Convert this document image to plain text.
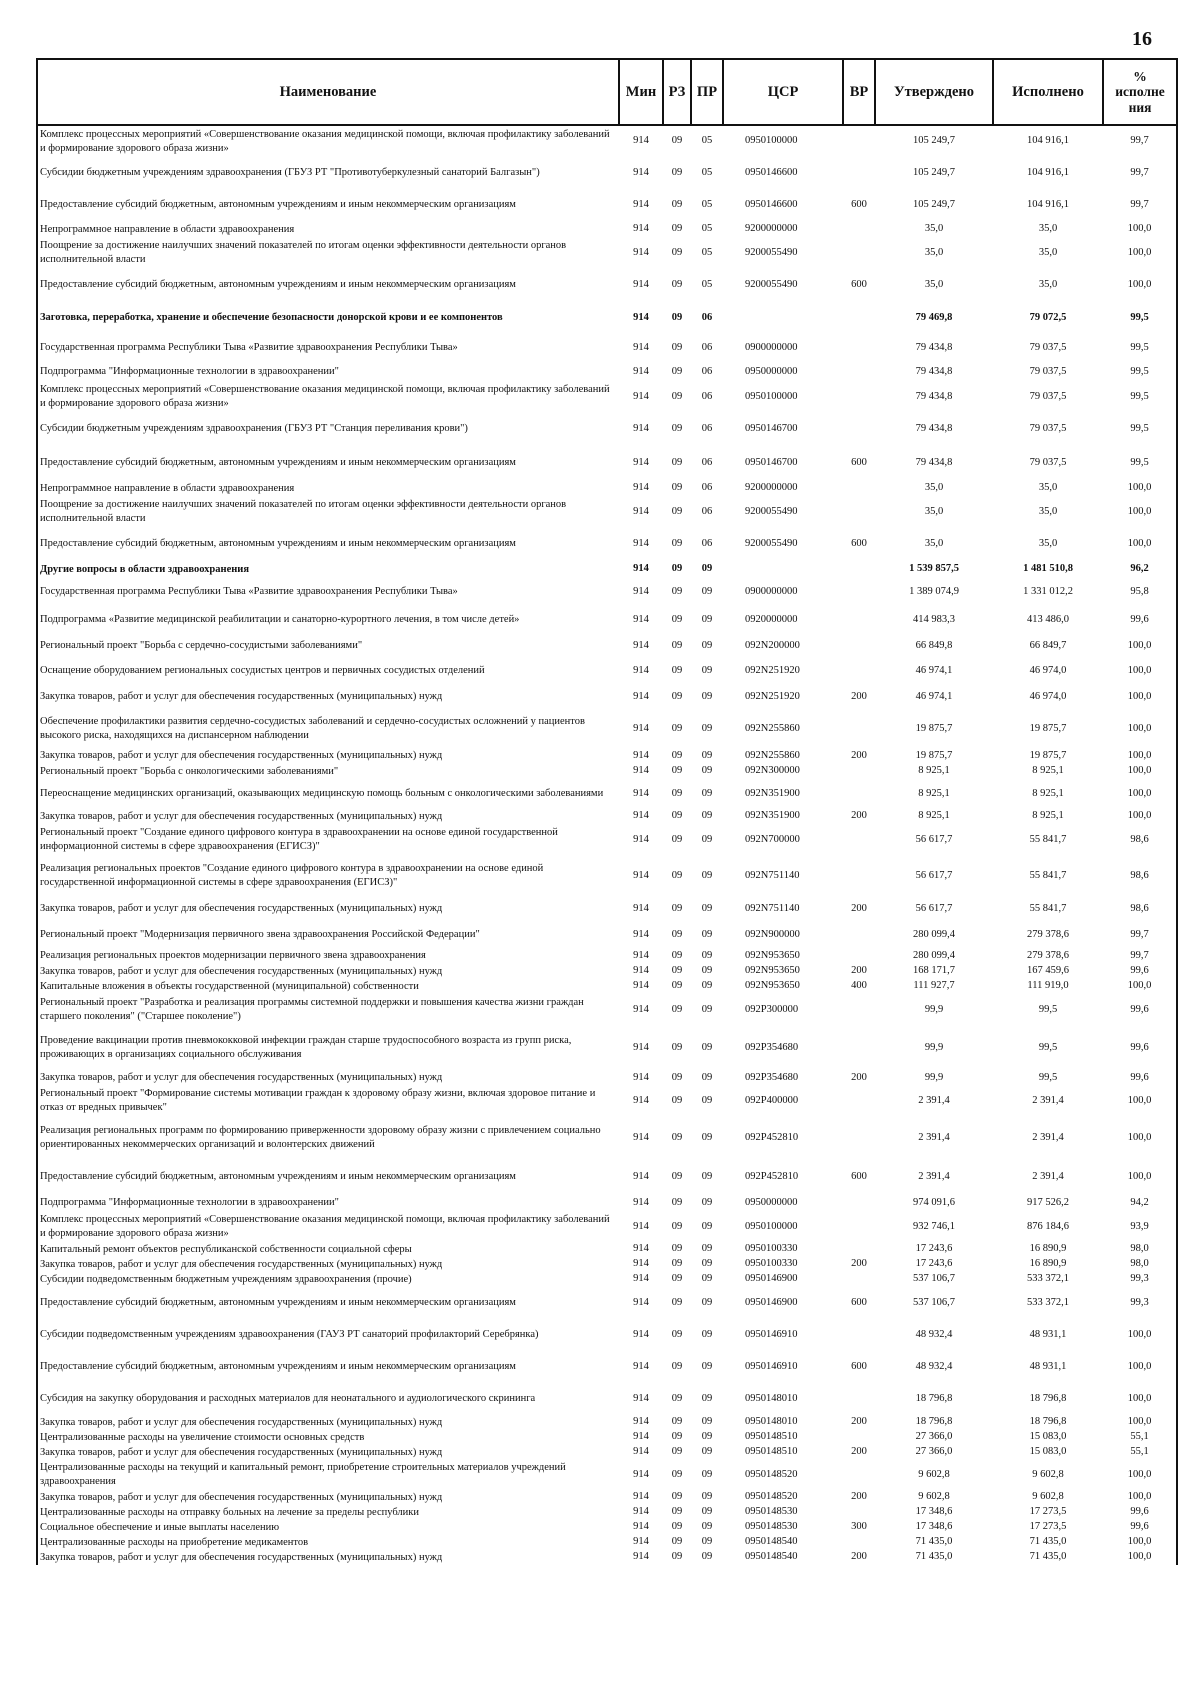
16
Наименование	Мин	РЗ	ПР	ЦСР	ВР	Утверждено	Исполнено	%
исполне
ния
Комплекс процессных мероприятий «Совершенствование оказания медицинской помощи, включая профилактику заболеваний и формирование здорового образа жизни»	914	09	05	0950100000		105 249,7	104 916,1	99,7
Субсидии бюджетным учреждениям здравоохранения (ГБУЗ РТ "Противотуберкулезный санаторий Балгазын")	914	09	05	0950146600		105 249,7	104 916,1	99,7
Предоставление субсидий бюджетным, автономным учреждениям и иным некоммерческим организациям	914	09	05	0950146600	600	105 249,7	104 916,1	99,7
Непрограммное направление в области здравоохранения	914	09	05	9200000000		35,0	35,0	100,0
Поощрение за достижение наилучших значений показателей по итогам оценки эффективности деятельности органов исполнительной власти	914	09	05	9200055490		35,0	35,0	100,0
Предоставление субсидий бюджетным, автономным учреждениям и иным некоммерческим организациям	914	09	05	9200055490	600	35,0	35,0	100,0
Заготовка, переработка, хранение и обеспечение безопасности донорской крови и ее компонентов	914	09	06			79 469,8	79 072,5	99,5
Государственная программа Республики Тыва «Развитие здравоохранения Республики Тыва»	914	09	06	0900000000		79 434,8	79 037,5	99,5
Подпрограмма "Информационные технологии в здравоохранении"	914	09	06	0950000000		79 434,8	79 037,5	99,5
Комплекс процессных мероприятий «Совершенствование оказания медицинской помощи, включая профилактику заболеваний и формирование здорового образа жизни»	914	09	06	0950100000		79 434,8	79 037,5	99,5
Субсидии бюджетным учреждениям здравоохранения (ГБУЗ РТ "Станция переливания крови")	914	09	06	0950146700		79 434,8	79 037,5	99,5
Предоставление субсидий бюджетным, автономным учреждениям и иным некоммерческим организациям	914	09	06	0950146700	600	79 434,8	79 037,5	99,5
Непрограммное направление в области здравоохранения	914	09	06	9200000000		35,0	35,0	100,0
Поощрение за достижение наилучших значений показателей по итогам оценки эффективности деятельности органов исполнительной власти	914	09	06	9200055490		35,0	35,0	100,0
Предоставление субсидий бюджетным, автономным учреждениям и иным некоммерческим организациям	914	09	06	9200055490	600	35,0	35,0	100,0
Другие вопросы в области здравоохранения	914	09	09			1 539 857,5	1 481 510,8	96,2
Государственная программа Республики Тыва «Развитие здравоохранения Республики Тыва»	914	09	09	0900000000		1 389 074,9	1 331 012,2	95,8
Подпрограмма «Развитие медицинской реабилитации и санаторно-курортного лечения, в том числе детей»	914	09	09	0920000000		414 983,3	413 486,0	99,6
Региональный проект "Борьба с сердечно-сосудистыми заболеваниями"	914	09	09	092N200000		66 849,8	66 849,7	100,0
Оснащение оборудованием региональных сосудистых центров и первичных сосудистых отделений	914	09	09	092N251920		46 974,1	46 974,0	100,0
Закупка товаров, работ и услуг для обеспечения государственных (муниципальных) нужд	914	09	09	092N251920	200	46 974,1	46 974,0	100,0
Обеспечение профилактики развития сердечно-сосудистых заболеваний и сердечно-сосудистых осложнений у пациентов высокого риска, находящихся на диспансерном наблюдении	914	09	09	092N255860		19 875,7	19 875,7	100,0
Закупка товаров, работ и услуг для обеспечения государственных (муниципальных) нужд	914	09	09	092N255860	200	19 875,7	19 875,7	100,0
Региональный проект "Борьба с онкологическими заболеваниями"	914	09	09	092N300000		8 925,1	8 925,1	100,0
Переоснащение медицинских организаций, оказывающих медицинскую помощь больным с онкологическими заболеваниями	914	09	09	092N351900		8 925,1	8 925,1	100,0
Закупка товаров, работ и услуг для обеспечения государственных (муниципальных) нужд	914	09	09	092N351900	200	8 925,1	8 925,1	100,0
Региональный проект "Создание единого цифрового контура в здравоохранении на основе единой государственной информационной системы в сфере здравоохранения (ЕГИСЗ)"	914	09	09	092N700000		56 617,7	55 841,7	98,6
Реализация региональных проектов "Создание единого цифрового контура в здравоохранении на основе единой государственной информационной системы в сфере здравоохранения (ЕГИСЗ)"	914	09	09	092N751140		56 617,7	55 841,7	98,6
Закупка товаров, работ и услуг для обеспечения государственных (муниципальных) нужд	914	09	09	092N751140	200	56 617,7	55 841,7	98,6
Региональный проект "Модернизация первичного звена здравоохранения Российской Федерации"	914	09	09	092N900000		280 099,4	279 378,6	99,7
Реализация региональных проектов модернизации первичного звена здравоохранения	914	09	09	092N953650		280 099,4	279 378,6	99,7
Закупка товаров, работ и услуг для обеспечения государственных (муниципальных) нужд	914	09	09	092N953650	200	168 171,7	167 459,6	99,6
Капитальные вложения в объекты государственной (муниципальной) собственности	914	09	09	092N953650	400	111 927,7	111 919,0	100,0
Региональный проект "Разработка и реализация программы системной поддержки и повышения качества жизни граждан старшего поколения" ("Старшее поколение")	914	09	09	092P300000		99,9	99,5	99,6
Проведение вакцинации против пневмококковой инфекции граждан старше трудоспособного возраста из групп риска, проживающих в организациях социального обслуживания	914	09	09	092P354680		99,9	99,5	99,6
Закупка товаров, работ и услуг для обеспечения государственных (муниципальных) нужд	914	09	09	092P354680	200	99,9	99,5	99,6
Региональный проект "Формирование системы мотивации граждан к здоровому образу жизни, включая здоровое питание и отказ от вредных привычек"	914	09	09	092P400000		2 391,4	2 391,4	100,0
Реализация региональных программ по формированию приверженности здоровому образу жизни с привлечением социально ориентированных некоммерческих организаций и волонтерских движений	914	09	09	092P452810		2 391,4	2 391,4	100,0
Предоставление субсидий бюджетным, автономным учреждениям и иным некоммерческим организациям	914	09	09	092P452810	600	2 391,4	2 391,4	100,0
Подпрограмма "Информационные технологии в здравоохранении"	914	09	09	0950000000		974 091,6	917 526,2	94,2
Комплекс процессных мероприятий «Совершенствование оказания медицинской помощи, включая профилактику заболеваний и формирование здорового образа жизни»	914	09	09	0950100000		932 746,1	876 184,6	93,9
Капитальный ремонт объектов республиканской собственности социальной сферы	914	09	09	0950100330		17 243,6	16 890,9	98,0
Закупка товаров, работ и услуг для обеспечения государственных (муниципальных) нужд	914	09	09	0950100330	200	17 243,6	16 890,9	98,0
Субсидии подведомственным бюджетным учреждениям здравоохранения (прочие)	914	09	09	0950146900		537 106,7	533 372,1	99,3
Предоставление субсидий бюджетным, автономным учреждениям и иным некоммерческим организациям	914	09	09	0950146900	600	537 106,7	533 372,1	99,3
Субсидии подведомственным учреждениям здравоохранения (ГАУЗ РТ санаторий профилакторий Серебрянка)	914	09	09	0950146910		48 932,4	48 931,1	100,0
Предоставление субсидий бюджетным, автономным учреждениям и иным некоммерческим организациям	914	09	09	0950146910	600	48 932,4	48 931,1	100,0
Субсидия на закупку оборудования и расходных материалов для неонатального и аудиологического скрининга	914	09	09	0950148010		18 796,8	18 796,8	100,0
Закупка товаров, работ и услуг для обеспечения государственных (муниципальных) нужд	914	09	09	0950148010	200	18 796,8	18 796,8	100,0
Централизованные расходы на увеличение стоимости основных средств	914	09	09	0950148510		27 366,0	15 083,0	55,1
Закупка товаров, работ и услуг для обеспечения государственных (муниципальных) нужд	914	09	09	0950148510	200	27 366,0	15 083,0	55,1
Централизованные расходы на текущий и капитальный ремонт, приобретение строительных материалов учреждений здравоохранения	914	09	09	0950148520		9 602,8	9 602,8	100,0
Закупка товаров, работ и услуг для обеспечения государственных (муниципальных) нужд	914	09	09	0950148520	200	9 602,8	9 602,8	100,0
Централизованные расходы на отправку больных на лечение за пределы республики	914	09	09	0950148530		17 348,6	17 273,5	99,6
Социальное обеспечение и иные выплаты населению	914	09	09	0950148530	300	17 348,6	17 273,5	99,6
Централизованные расходы на приобретение медикаментов	914	09	09	0950148540		71 435,0	71 435,0	100,0
Закупка товаров, работ и услуг для обеспечения государственных (муниципальных) нужд	914	09	09	0950148540	200	71 435,0	71 435,0	100,0
